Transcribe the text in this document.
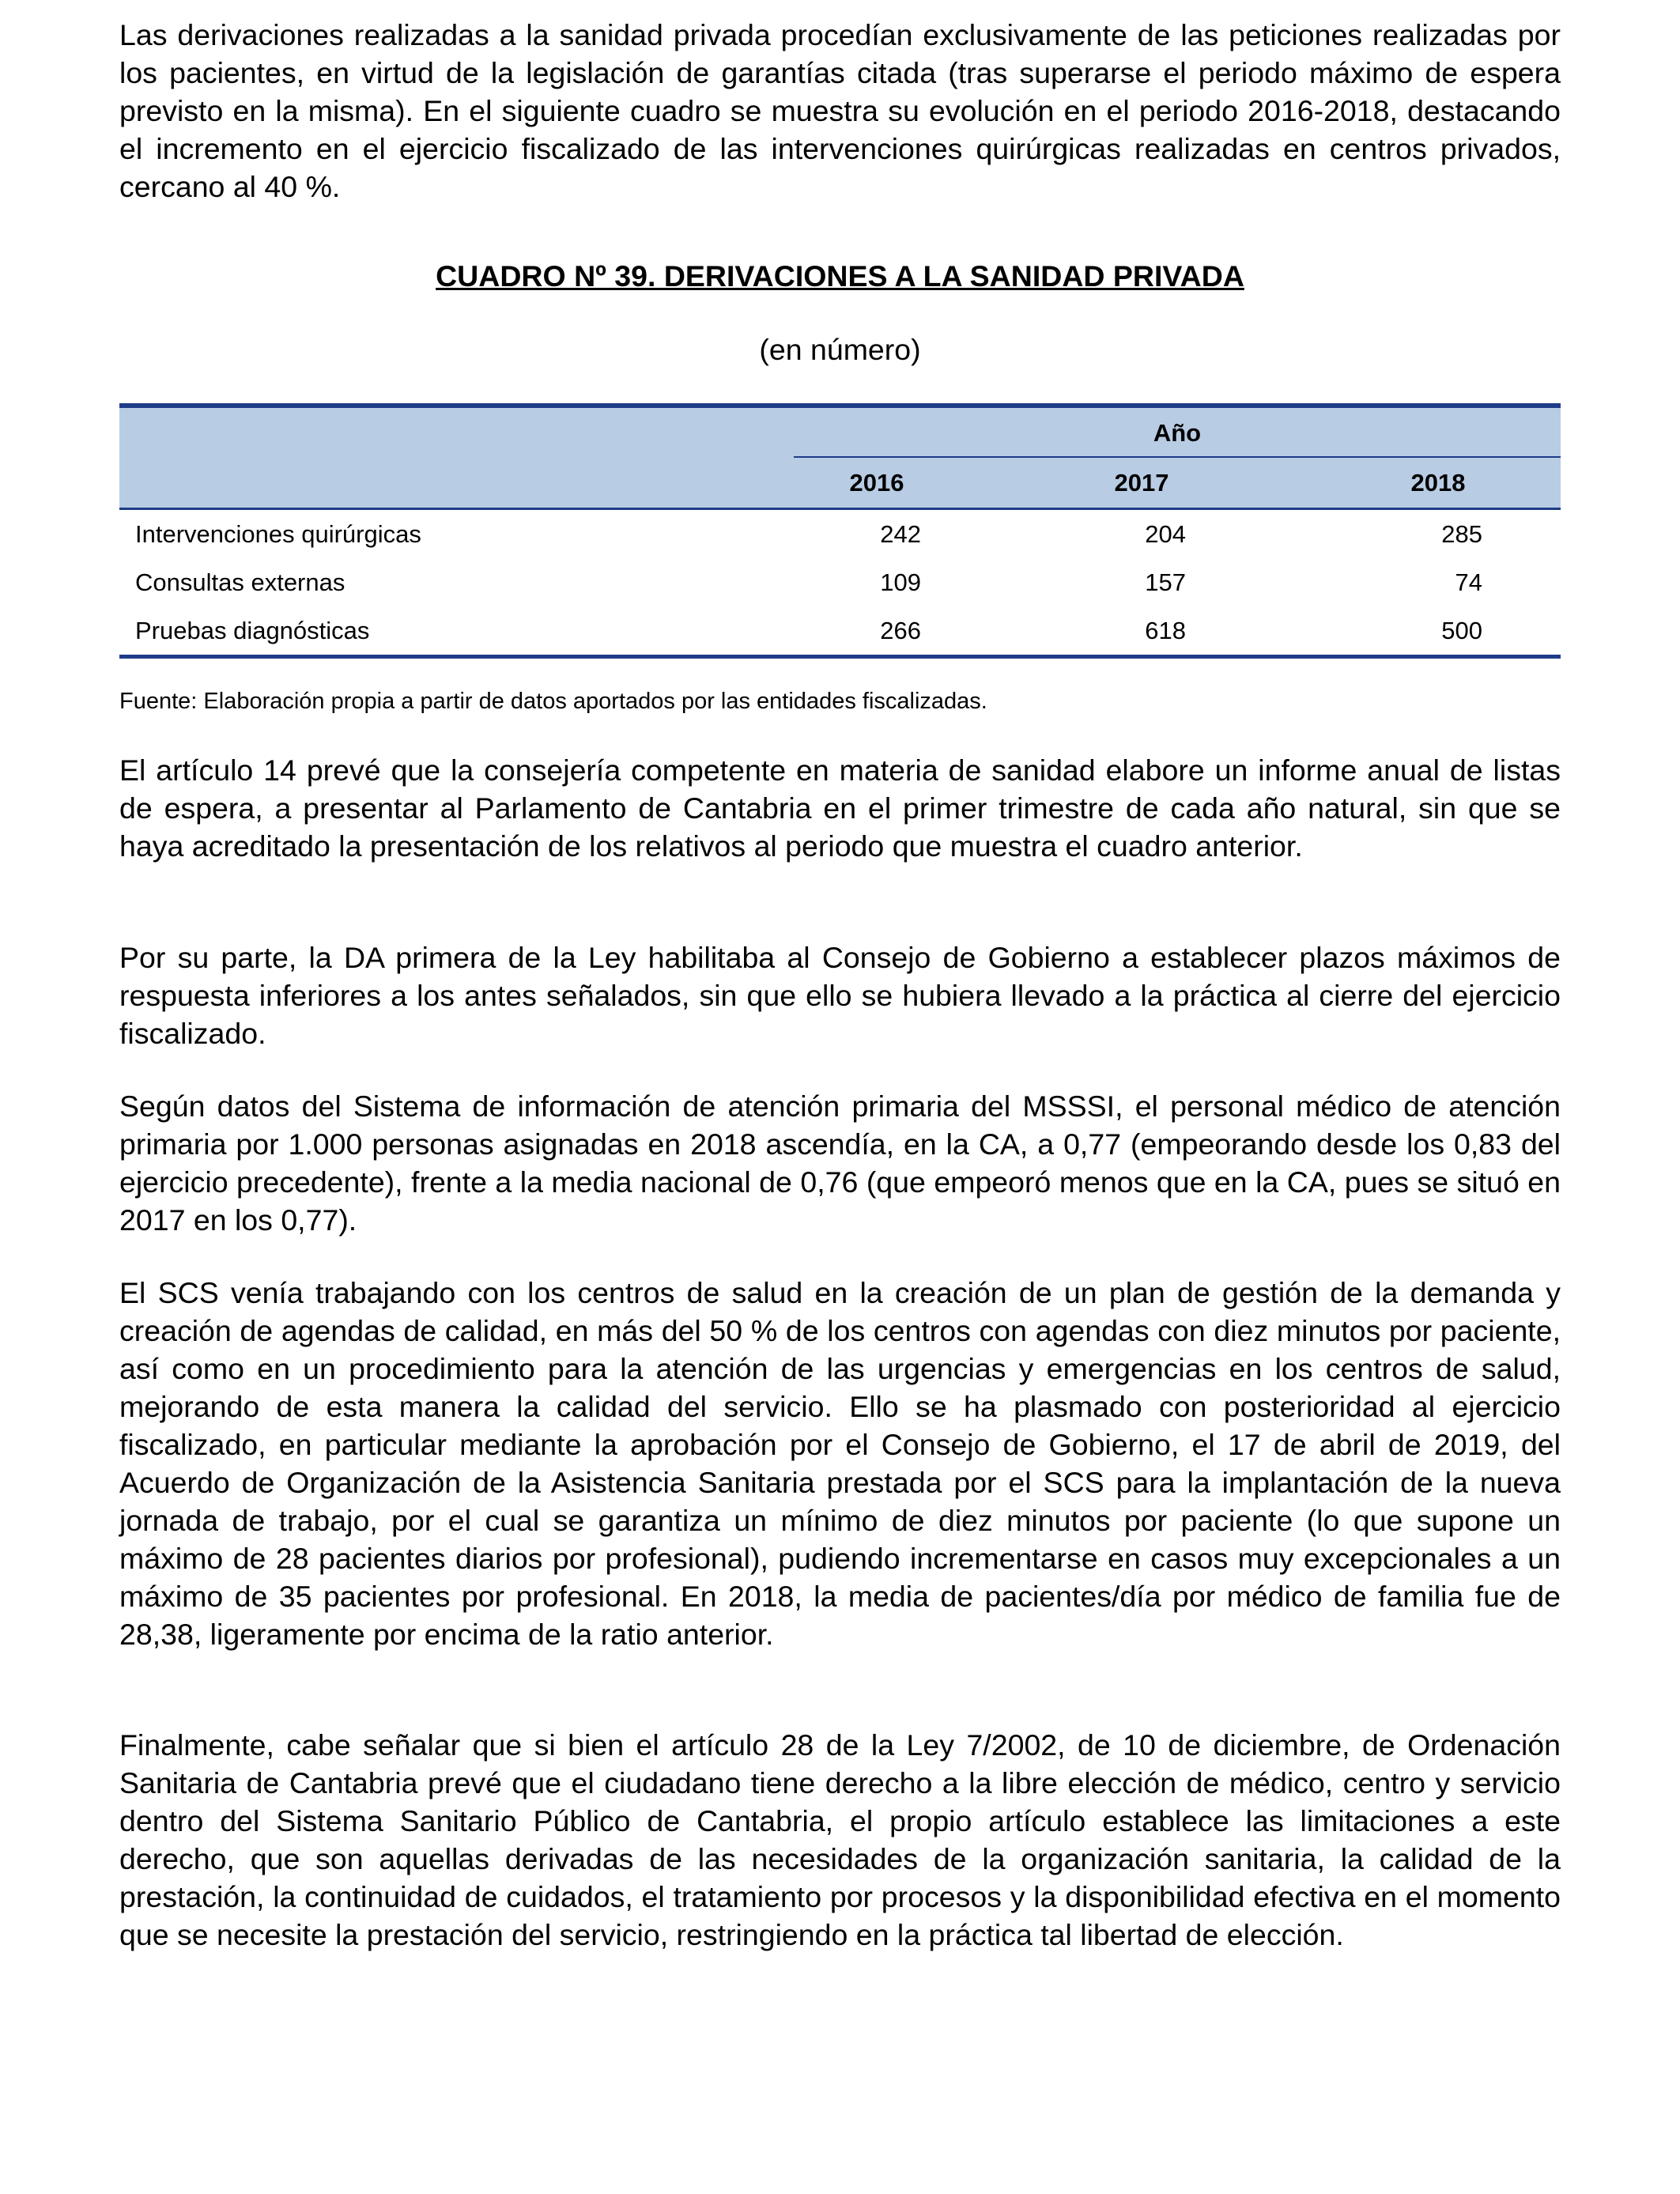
Las derivaciones realizadas a la sanidad privada procedían exclusivamente de las peticiones realizadas por los pacientes, en virtud de la legislación de garantías citada (tras superarse el periodo máximo de espera previsto en la misma). En el siguiente cuadro se muestra su evolución en el periodo 2016-2018, destacando el incremento en el ejercicio fiscalizado de las intervenciones quirúrgicas realizadas en centros privados, cercano al 40 %.

CUADRO Nº 39. DERIVACIONES A LA SANIDAD PRIVADA
(en número)
Año
2016	2017	2018
Intervenciones quirúrgicas	242	204	285
Consultas externas	109	157	74
Pruebas diagnósticas	266	618	500
Fuente: Elaboración propia a partir de datos aportados por las entidades fiscalizadas.

El artículo 14 prevé que la consejería competente en materia de sanidad elabore un informe anual de listas de espera, a presentar al Parlamento de Cantabria en el primer trimestre de cada año natural, sin que se haya acreditado la presentación de los relativos al periodo que muestra el cuadro anterior.

Por su parte, la DA primera de la Ley habilitaba al Consejo de Gobierno a establecer plazos máximos de respuesta inferiores a los antes señalados, sin que ello se hubiera llevado a la práctica al cierre del ejercicio fiscalizado.

Según datos del Sistema de información de atención primaria del MSSSI, el personal médico de atención primaria por 1.000 personas asignadas en 2018 ascendía, en la CA, a 0,77 (empeorando desde los 0,83 del ejercicio precedente), frente a la media nacional de 0,76 (que empeoró menos que en la CA, pues se situó en 2017 en los 0,77).

El SCS venía trabajando con los centros de salud en la creación de un plan de gestión de la demanda y creación de agendas de calidad, en más del 50 % de los centros con agendas con diez minutos por paciente, así como en un procedimiento para la atención de las urgencias y emergencias en los centros de salud, mejorando de esta manera la calidad del servicio. Ello se ha plasmado con posterioridad al ejercicio fiscalizado, en particular mediante la aprobación por el Consejo de Gobierno, el 17 de abril de 2019, del Acuerdo de Organización de la Asistencia Sanitaria prestada por el SCS para la implantación de la nueva jornada de trabajo, por el cual se garantiza un mínimo de diez minutos por paciente (lo que supone un máximo de 28 pacientes diarios por profesional), pudiendo incrementarse en casos muy excepcionales a un máximo de 35 pacientes por profesional. En 2018, la media de pacientes/día por médico de familia fue de 28,38, ligeramente por encima de la ratio anterior.

Finalmente, cabe señalar que si bien el artículo 28 de la Ley 7/2002, de 10 de diciembre, de Ordenación Sanitaria de Cantabria prevé que el ciudadano tiene derecho a la libre elección de médico, centro y servicio dentro del Sistema Sanitario Público de Cantabria, el propio artículo establece las limitaciones a este derecho, que son aquellas derivadas de las necesidades de la organización sanitaria, la calidad de la prestación, la continuidad de cuidados, el tratamiento por procesos y la disponibilidad efectiva en el momento que se necesite la prestación del servicio, restringiendo en la práctica tal libertad de elección.
